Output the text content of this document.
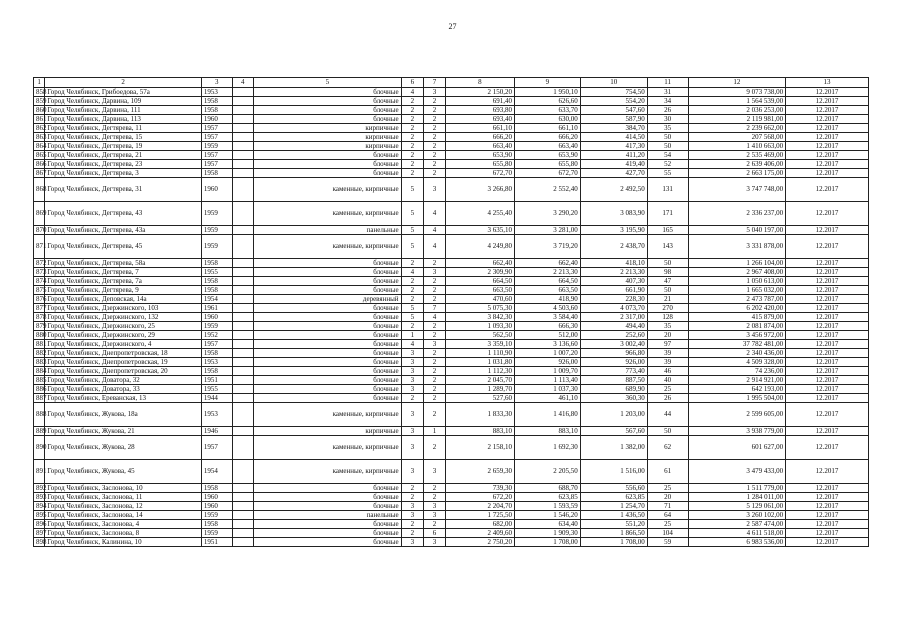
27
1	2	3	4	5	6	7	8	9	10	11	12	13
858	Город Челябинск, Грибоедова, 57а	1953		блочные	4	3	2 150,20	1 950,10	754,50	31	9 073 738,00	12.2017
859	Город Челябинск, Дарвина, 109	1958		блочные	2	2	691,40	626,60	554,20	34	1 564 539,00	12.2017
860	Город Челябинск, Дарвина, 111	1958		блочные	2	2	693,80	633,70	547,60	26	2 036 253,00	12.2017
861	Город Челябинск, Дарвина, 113	1960		блочные	2	2	693,40	630,00	587,90	30	2 119 981,00	12.2017
862	Город Челябинск, Дегтярева, 11	1957		кирпичные	2	2	661,10	661,10	384,70	35	2 239 662,00	12.2017
863	Город Челябинск, Дегтярева, 15	1957		кирпичные	2	2	666,20	666,20	414,50	50	207 568,00	12.2017
864	Город Челябинск, Дегтярева, 19	1959		кирпичные	2	2	663,40	663,40	417,30	50	1 410 663,00	12.2017
865	Город Челябинск, Дегтярева, 21	1957		блочные	2	2	653,90	653,90	411,20	54	2 535 469,00	12.2017
866	Город Челябинск, Дегтярева, 23	1957		блочные	2	2	655,80	655,80	419,40	52	2 639 406,00	12.2017
867	Город Челябинск, Дегтярева, 3	1958		блочные	2	2	672,70	672,70	427,70	55	2 663 175,00	12.2017
868	Город Челябинск, Дегтярева, 31	1960		каменные, кирпичные	5	3	3 266,80	2 552,40	2 492,50	131	3 747 748,00	12.2017
869	Город Челябинск, Дегтярева, 43	1959		каменные, кирпичные	5	4	4 255,40	3 290,20	3 083,90	171	2 336 237,00	12.2017
870	Город Челябинск, Дегтярева, 43а	1959		панельные	5	4	3 635,10	3 281,00	3 195,90	165	5 040 197,00	12.2017
871	Город Челябинск, Дегтярева, 45	1959		каменные, кирпичные	5	4	4 249,80	3 719,20	2 438,70	143	3 331 878,00	12.2017
872	Город Челябинск, Дегтярева, 58а	1958		блочные	2	2	662,40	662,40	418,10	50	1 266 104,00	12.2017
873	Город Челябинск, Дегтярева, 7	1955		блочные	4	3	2 309,90	2 213,30	2 213,30	98	2 967 408,00	12.2017
874	Город Челябинск, Дегтярева, 7а	1958		блочные	2	2	664,50	664,50	407,30	47	1 050 613,00	12.2017
875	Город Челябинск, Дегтярева, 9	1958		блочные	2	2	663,50	663,50	661,90	50	1 665 032,00	12.2017
876	Город Челябинск, Деповская, 14а	1954		деревянный	2	2	470,60	418,90	228,30	21	2 473 787,00	12.2017
877	Город Челябинск, Дзержинского, 103	1961		блочные	5	7	5 075,30	4 503,60	4 073,70	270	6 202 420,00	12.2017
878	Город Челябинск, Дзержинского, 132	1960		блочные	5	4	3 842,30	3 584,40	2 317,00	128	415 879,00	12.2017
879	Город Челябинск, Дзержинского, 25	1959		блочные	2	2	1 093,30	666,30	494,40	35	2 081 874,00	12.2017
880	Город Челябинск, Дзержинского, 29	1952		блочные	1	2	562,50	512,00	252,60	20	3 456 972,00	12.2017
881	Город Челябинск, Дзержинского, 4	1957		блочные	4	3	3 359,10	3 136,60	3 002,40	97	37 782 481,00	12.2017
882	Город Челябинск, Днепропетровская, 18	1958		блочные	3	2	1 110,90	1 007,20	966,80	39	2 340 436,00	12.2017
883	Город Челябинск, Днепропетровская, 19	1953		блочные	3	2	1 031,80	926,00	926,00	39	4 509 328,00	12.2017
884	Город Челябинск, Днепропетровская, 20	1958		блочные	3	2	1 112,30	1 009,70	773,40	46	74 236,00	12.2017
885	Город Челябинск, Доватора, 32	1951		блочные	3	2	2 045,70	1 113,40	887,50	40	2 914 921,00	12.2017
886	Город Челябинск, Доватора, 33	1955		блочные	3	2	1 289,70	1 037,30	689,90	25	642 193,00	12.2017
887	Город Челябинск, Ереванская, 13	1944		блочные	2	2	527,60	461,10	360,30	26	1 995 504,00	12.2017
888	Город Челябинск, Жукова, 18а	1953		каменные, кирпичные	3	2	1 833,30	1 416,80	1 203,00	44	2 599 605,00	12.2017
889	Город Челябинск, Жукова, 21	1946		кирпичные	3	1	883,10	883,10	567,60	50	3 938 779,00	12.2017
890	Город Челябинск, Жукова, 28	1957		каменные, кирпичные	3	2	2 158,10	1 692,30	1 382,00	62	601 627,00	12.2017
891	Город Челябинск, Жукова, 45	1954		каменные, кирпичные	3	3	2 659,30	2 205,50	1 516,00	61	3 479 433,00	12.2017
892	Город Челябинск, Заслонова, 10	1958		блочные	2	2	739,30	688,70	556,60	25	1 511 779,00	12.2017
893	Город Челябинск, Заслонова, 11	1960		блочные	2	2	672,20	623,85	623,85	20	1 284 011,00	12.2017
894	Город Челябинск, Заслонова, 12	1960		блочные	3	3	2 204,70	1 593,59	1 254,70	71	5 129 061,00	12.2017
895	Город Челябинск, Заслонова, 14	1959		панельные	3	3	1 725,50	1 546,20	1 436,50	64	3 260 102,00	12.2017
896	Город Челябинск, Заслонова, 4	1958		блочные	2	2	682,00	634,40	551,20	25	2 587 474,00	12.2017
897	Город Челябинск, Заслонова, 8	1959		блочные	2	6	2 409,60	1 909,30	1 866,50	104	4 611 518,00	12.2017
898	Город Челябинск, Калинина, 10	1951		блочные	3	3	2 750,20	1 708,00	1 708,00	59	6 983 536,00	12.2017
